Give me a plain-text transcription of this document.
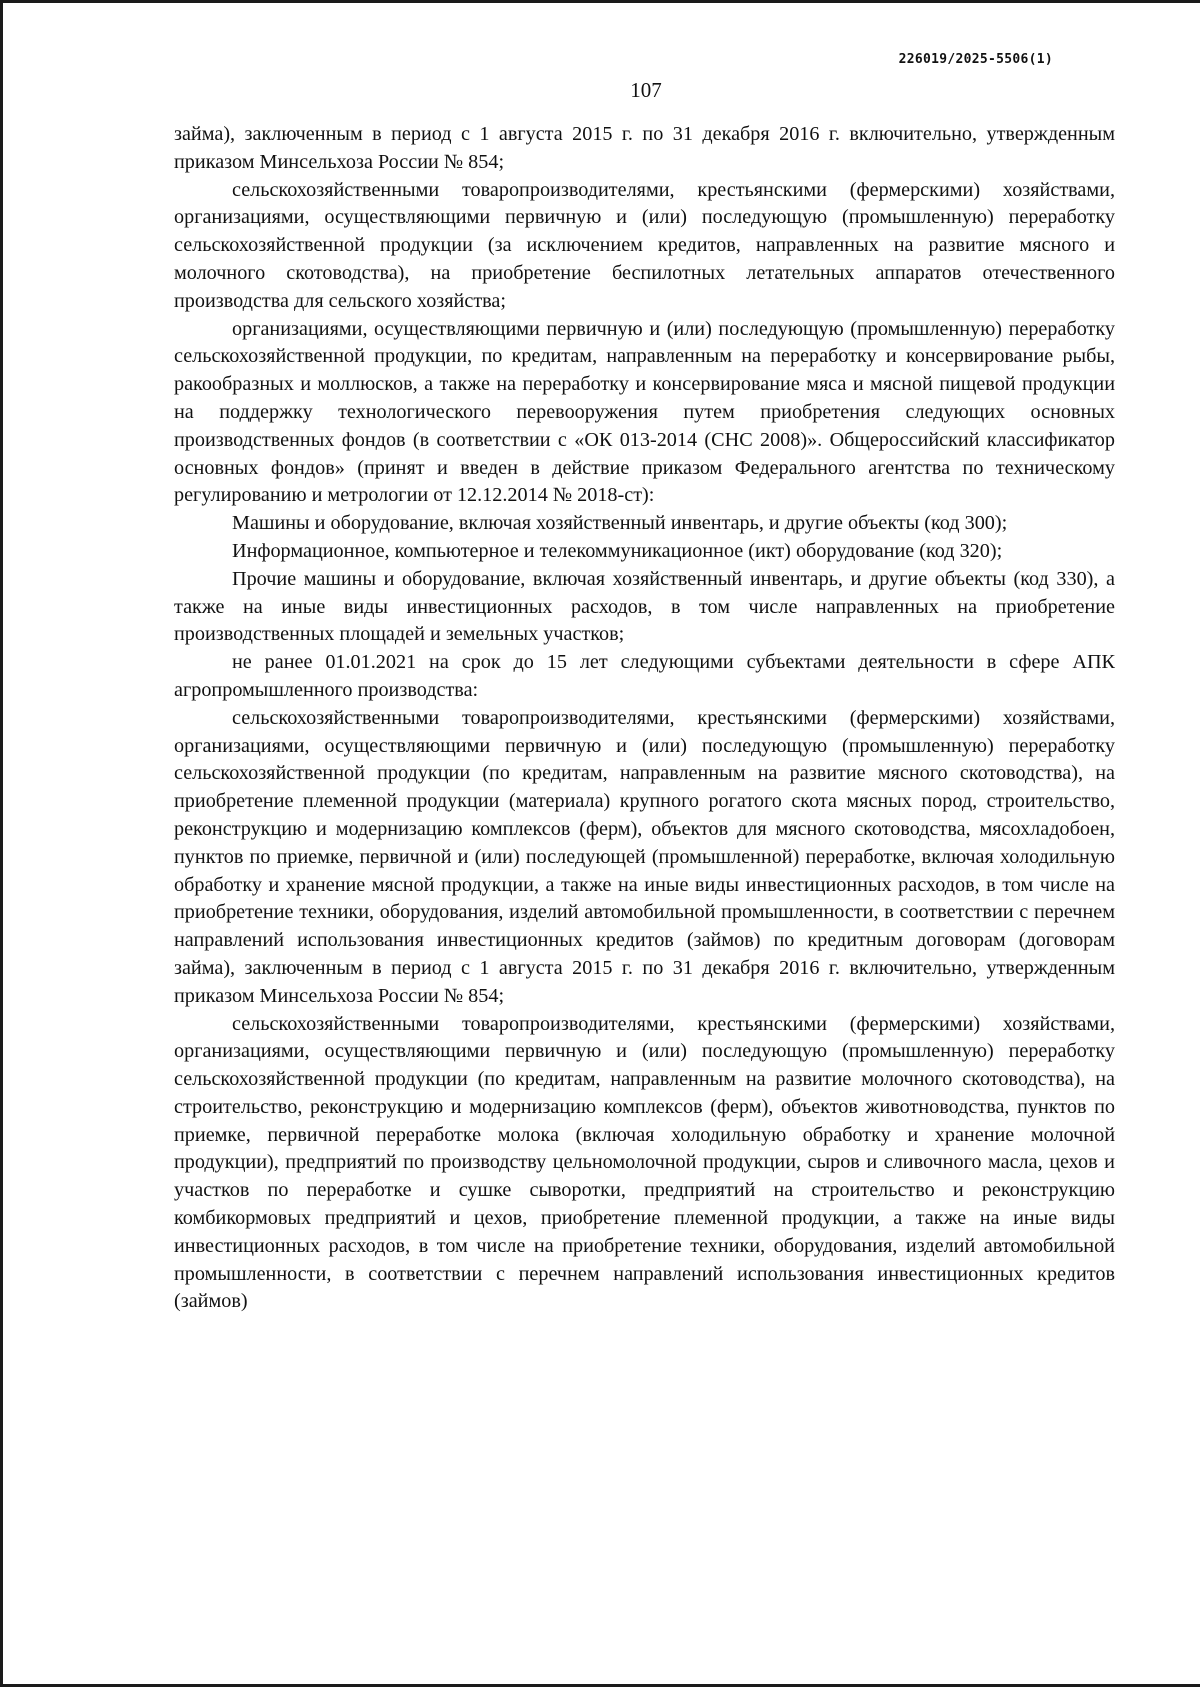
226019/2025-5506(1)
107

займа), заключенным в период с 1 августа 2015 г. по 31 декабря 2016 г. включительно, утвержденным приказом Минсельхоза России № 854;

сельскохозяйственными товаропроизводителями, крестьянскими (фермерскими) хозяйствами, организациями, осуществляющими первичную и (или) последующую (промышленную) переработку сельскохозяйственной продукции (за исключением кредитов, направленных на развитие мясного и молочного скотоводства), на приобретение беспилотных летательных аппаратов отечественного производства для сельского хозяйства;

организациями, осуществляющими первичную и (или) последующую (промышленную) переработку сельскохозяйственной продукции, по кредитам, направленным на переработку и консервирование рыбы, ракообразных и моллюсков, а также на переработку и консервирование мяса и мясной пищевой продукции на поддержку технологического перевооружения путем приобретения следующих основных производственных фондов (в соответствии с «ОК 013-2014 (СНС 2008)». Общероссийский классификатор основных фондов» (принят и введен в действие приказом Федерального агентства по техническому регулированию и метрологии от 12.12.2014 № 2018-ст):

Машины и оборудование, включая хозяйственный инвентарь, и другие объекты (код 300);

Информационное, компьютерное и телекоммуникационное (икт) оборудование (код 320);

Прочие машины и оборудование, включая хозяйственный инвентарь, и другие объекты (код 330), а также на иные виды инвестиционных расходов, в том числе направленных на приобретение производственных площадей и земельных участков;

не ранее 01.01.2021 на срок до 15 лет следующими субъектами деятельности в сфере АПК агропромышленного производства:

сельскохозяйственными товаропроизводителями, крестьянскими (фермерскими) хозяйствами, организациями, осуществляющими первичную и (или) последующую (промышленную) переработку сельскохозяйственной продукции (по кредитам, направленным на развитие мясного скотоводства), на приобретение племенной продукции (материала) крупного рогатого скота мясных пород, строительство, реконструкцию и модернизацию комплексов (ферм), объектов для мясного скотоводства, мясохладобоен, пунктов по приемке, первичной и (или) последующей (промышленной) переработке, включая холодильную обработку и хранение мясной продукции, а также на иные виды инвестиционных расходов, в том числе на приобретение техники, оборудования, изделий автомобильной промышленности, в соответствии с перечнем направлений использования инвестиционных кредитов (займов) по кредитным договорам (договорам займа), заключенным в период с 1 августа 2015 г. по 31 декабря 2016 г. включительно, утвержденным приказом Минсельхоза России № 854;

сельскохозяйственными товаропроизводителями, крестьянскими (фермерскими) хозяйствами, организациями, осуществляющими первичную и (или) последующую (промышленную) переработку сельскохозяйственной продукции (по кредитам, направленным на развитие молочного скотоводства), на строительство, реконструкцию и модернизацию комплексов (ферм), объектов животноводства, пунктов по приемке, первичной переработке молока (включая холодильную обработку и хранение молочной продукции), предприятий по производству цельномолочной продукции, сыров и сливочного масла, цехов и участков по переработке и сушке сыворотки, предприятий на строительство и реконструкцию комбикормовых предприятий и цехов, приобретение племенной продукции, а также на иные виды инвестиционных расходов, в том числе на приобретение техники, оборудования, изделий автомобильной промышленности, в соответствии с перечнем направлений использования инвестиционных кредитов (займов)
